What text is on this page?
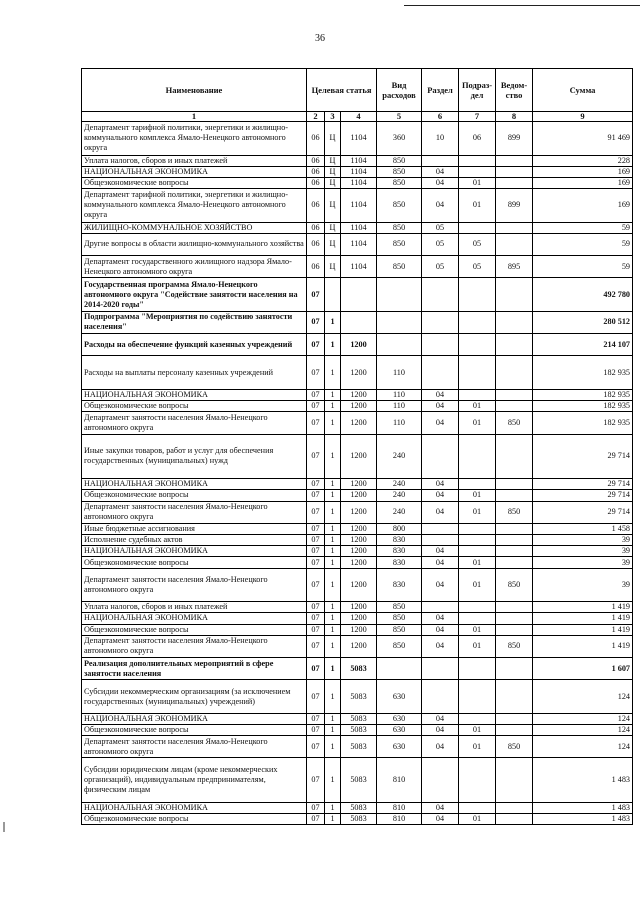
36
Наименование	Целевая статья			Вид расходов	Раздел	Подраз-дел	Ведом-ство	Сумма
1	2	3	4	5	6	7	8	9
Департамент тарифной политики, энергетики и жилищно-коммунального комплекса Ямало-Ненецкого автономного округа	06	Ц	1104	360	10	06	899	91 469
Уплата налогов, сборов и иных платежей	06	Ц	1104	850				228
НАЦИОНАЛЬНАЯ ЭКОНОМИКА	06	Ц	1104	850	04			169
Общеэкономические вопросы	06	Ц	1104	850	04	01		169
Департамент тарифной политики, энергетики и жилищно-коммунального комплекса Ямало-Ненецкого автономного округа	06	Ц	1104	850	04	01	899	169
ЖИЛИЩНО-КОММУНАЛЬНОЕ ХОЗЯЙСТВО	06	Ц	1104	850	05			59
Другие вопросы в области жилищно-коммунального хозяйства	06	Ц	1104	850	05	05		59
Департамент государственного жилищного надзора Ямало-Ненецкого автономного округа	06	Ц	1104	850	05	05	895	59
Государственная программа Ямало-Ненецкого автономного округа "Содействие занятости населения на 2014-2020 годы"	07							492 780
Подпрограмма "Мероприятия по содействию занятости населения"	07	1						280 512
Расходы на обеспечение функций казенных учреждений	07	1	1200					214 107
Расходы на выплаты персоналу казенных учреждений	07	1	1200	110				182 935
НАЦИОНАЛЬНАЯ ЭКОНОМИКА	07	1	1200	110	04			182 935
Общеэкономические вопросы	07	1	1200	110	04	01		182 935
Департамент занятости населения Ямало-Ненецкого автономного округа	07	1	1200	110	04	01	850	182 935
Иные закупки товаров, работ и услуг для обеспечения государственных (муниципальных) нужд	07	1	1200	240				29 714
НАЦИОНАЛЬНАЯ ЭКОНОМИКА	07	1	1200	240	04			29 714
Общеэкономические вопросы	07	1	1200	240	04	01		29 714
Департамент занятости населения Ямало-Ненецкого автономного округа	07	1	1200	240	04	01	850	29 714
Иные бюджетные ассигнования	07	1	1200	800				1 458
Исполнение судебных актов	07	1	1200	830				39
НАЦИОНАЛЬНАЯ ЭКОНОМИКА	07	1	1200	830	04			39
Общеэкономические вопросы	07	1	1200	830	04	01		39
Департамент занятости населения Ямало-Ненецкого автономного округа	07	1	1200	830	04	01	850	39
Уплата налогов, сборов и иных платежей	07	1	1200	850				1 419
НАЦИОНАЛЬНАЯ ЭКОНОМИКА	07	1	1200	850	04			1 419
Общеэкономические вопросы	07	1	1200	850	04	01		1 419
Департамент занятости населения Ямало-Ненецкого автономного округа	07	1	1200	850	04	01	850	1 419
Реализация дополнительных мероприятий в сфере занятости населения	07	1	5083					1 607
Субсидии некоммерческим организациям (за исключением государственных (муниципальных) учреждений)	07	1	5083	630				124
НАЦИОНАЛЬНАЯ ЭКОНОМИКА	07	1	5083	630	04			124
Общеэкономические вопросы	07	1	5083	630	04	01		124
Департамент занятости населения Ямало-Ненецкого автономного округа	07	1	5083	630	04	01	850	124
Субсидии юридическим лицам (кроме некоммерческих организаций), индивидуальным предпринимателям, физическим лицам	07	1	5083	810				1 483
НАЦИОНАЛЬНАЯ ЭКОНОМИКА	07	1	5083	810	04			1 483
Общеэкономические вопросы	07	1	5083	810	04	01		1 483
